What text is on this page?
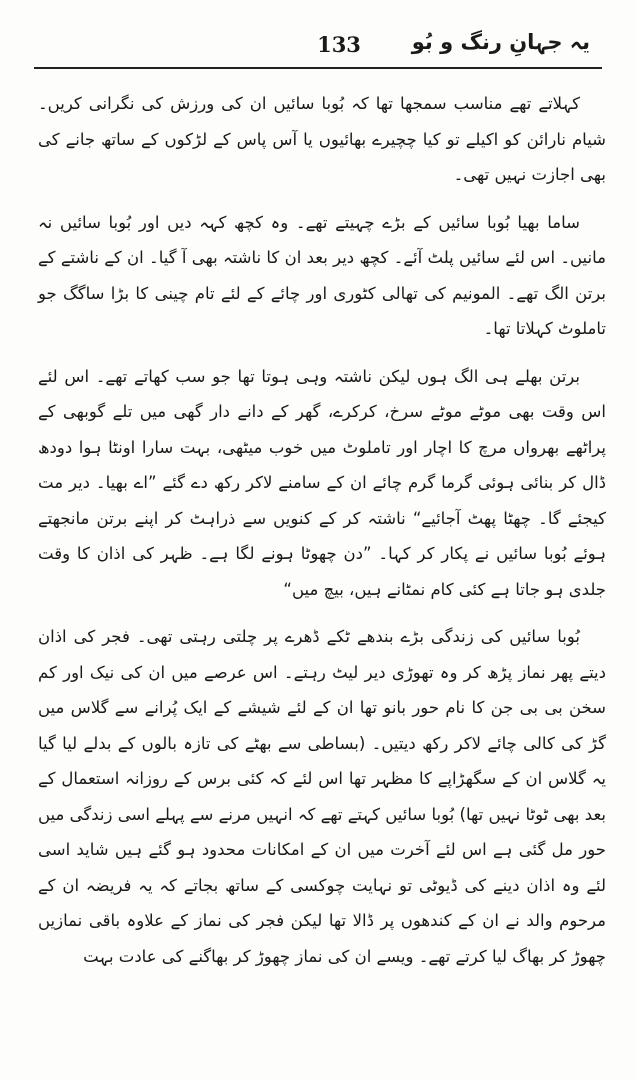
133	یہ جہانِ رنگ و بُو

کہلاتے تھے مناسب سمجھا تھا کہ بُوبا سائیں ان کی ورزش کی نگرانی کریں۔ شیام نارائن کو اکیلے تو کیا چچیرے بھائیوں یا آس پاس کے لڑکوں کے ساتھ جانے کی بھی اجازت نہیں تھی۔

ساما بھیا بُوبا سائیں کے بڑے چہیتے تھے۔ وہ کچھ کہہ دیں اور بُوبا سائیں نہ مانیں۔ اس لئے سائیں پلٹ آئے۔ کچھ دیر بعد ان کا ناشتہ بھی آ گیا۔ ان کے ناشتے کے برتن الگ تھے۔ المونیم کی تھالی کٹوری اور چائے کے لئے تام چینی کا بڑا ساگگ جو تاملوٹ کہلاتا تھا۔

برتن بھلے ہی الگ ہوں لیکن ناشتہ وہی ہوتا تھا جو سب کھاتے تھے۔ اس لئے اس وقت بھی موٹے موٹے سرخ، کرکرے، گھر کے دانے دار گھی میں تلے گوبھی کے پراٹھے بھرواں مرچ کا اچار اور تاملوٹ میں خوب میٹھی، بہت سارا اونٹا ہوا دودھ ڈال کر بنائی ہوئی گرما گرم چائے ان کے سامنے لاکر رکھ دے گئے ”اے بھیا۔ دیر مت کیجئے گا۔ چھٹا پھٹ آجائیے“ ناشتہ کر کے کنویں سے ذراہٹ کر اپنے برتن مانجھتے ہوئے بُوبا سائیں نے پکار کر کہا۔ ”دن چھوٹا ہونے لگا ہے۔ ظہر کی اذان کا وقت جلدی ہو جاتا ہے کئی کام نمٹانے ہیں، بیچ میں“

بُوبا سائیں کی زندگی بڑے بندھے ٹکے ڈھرے پر چلتی رہتی تھی۔ فجر کی اذان دیتے پھر نماز پڑھ کر وہ تھوڑی دیر لیٹ رہتے۔ اس عرصے میں ان کی نیک اور کم سخن بی بی جن کا نام حور بانو تھا ان کے لئے شیشے کے ایک پُرانے سے گلاس میں گڑ کی کالی چائے لاکر رکھ دیتیں۔ (بساطی سے بھٹے کی تازہ بالوں کے بدلے لیا گیا یہ گلاس ان کے سگھڑاپے کا مظہر تھا اس لئے کہ کئی برس کے روزانہ استعمال کے بعد بھی ٹوٹا نہیں تھا) بُوبا سائیں کہتے تھے کہ انہیں مرنے سے پہلے اسی زندگی میں حور مل گئی ہے اس لئے آخرت میں ان کے امکانات محدود ہو گئے ہیں شاید اسی لئے وہ اذان دینے کی ڈیوٹی تو نہایت چوکسی کے ساتھ بجاتے کہ یہ فریضہ ان کے مرحوم والد نے ان کے کندھوں پر ڈالا تھا لیکن فجر کی نماز کے علاوہ باقی نمازیں چھوڑ کر بھاگ لیا کرتے تھے۔ ویسے ان کی نماز چھوڑ کر بھاگنے کی عادت بہت
